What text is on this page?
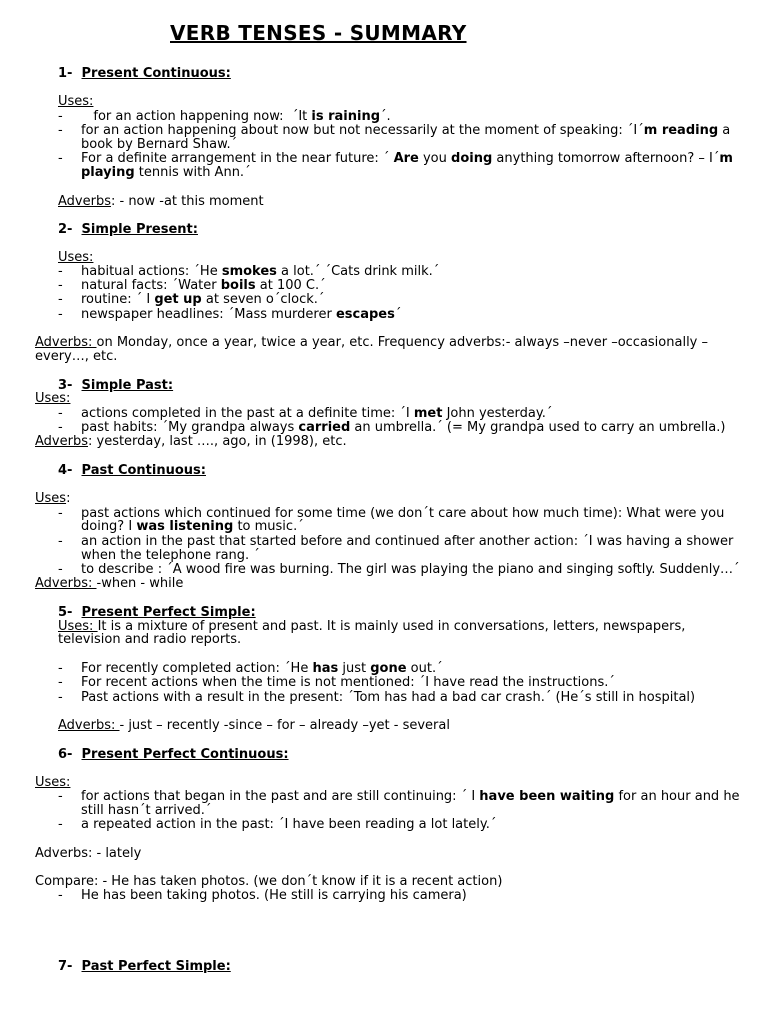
VERB TENSES - SUMMARY
1- Present Continuous:
Uses:
- for an action happening now:  ´It is raining´.
- for an action happening about now but not necessarily at the moment of speaking: ´I´m reading a
book by Bernard Shaw.´
- For a definite arrangement in the near future: ´ Are you doing anything tomorrow afternoon? – I´m
playing tennis with Ann.´
Adverbs: - now -at this moment
2- Simple Present:
Uses:
- habitual actions: ´He smokes a lot.´ ´Cats drink milk.´
- natural facts: ´Water boils at 100 C.´
- routine: ´ I get up at seven o´clock.´
- newspaper headlines: ´Mass murderer escapes´
Adverbs: on Monday, once a year, twice a year, etc. Frequency adverbs:- always –never –occasionally –
every…, etc.
3- Simple Past:
Uses:
- actions completed in the past at a definite time: ´I met John yesterday.´
- past habits: ´My grandpa always carried an umbrella.´ (= My grandpa used to carry an umbrella.)
Adverbs: yesterday, last …., ago, in (1998), etc.
4- Past Continuous:
Uses:
- past actions which continued for some time (we don´t care about how much time): What were you
doing? I was listening to music.´
- an action in the past that started before and continued after another action: ´I was having a shower
when the telephone rang. ´
- to describe : ´A wood fire was burning. The girl was playing the piano and singing softly. Suddenly…´
Adverbs: -when - while
5- Present Perfect Simple:
Uses: It is a mixture of present and past. It is mainly used in conversations, letters, newspapers,
television and radio reports.
- For recently completed action: ´He has just gone out.´
- For recent actions when the time is not mentioned: ´I have read the instructions.´
- Past actions with a result in the present: ´Tom has had a bad car crash.´ (He´s still in hospital)
Adverbs: - just – recently -since – for – already –yet - several
6- Present Perfect Continuous:
Uses:
- for actions that began in the past and are still continuing: ´ I have been waiting for an hour and he
still hasn´t arrived.´
- a repeated action in the past: ´I have been reading a lot lately.´
Adverbs: - lately
Compare: - He has taken photos. (we don´t know if it is a recent action)
- He has been taking photos. (He still is carrying his camera)
7- Past Perfect Simple:
